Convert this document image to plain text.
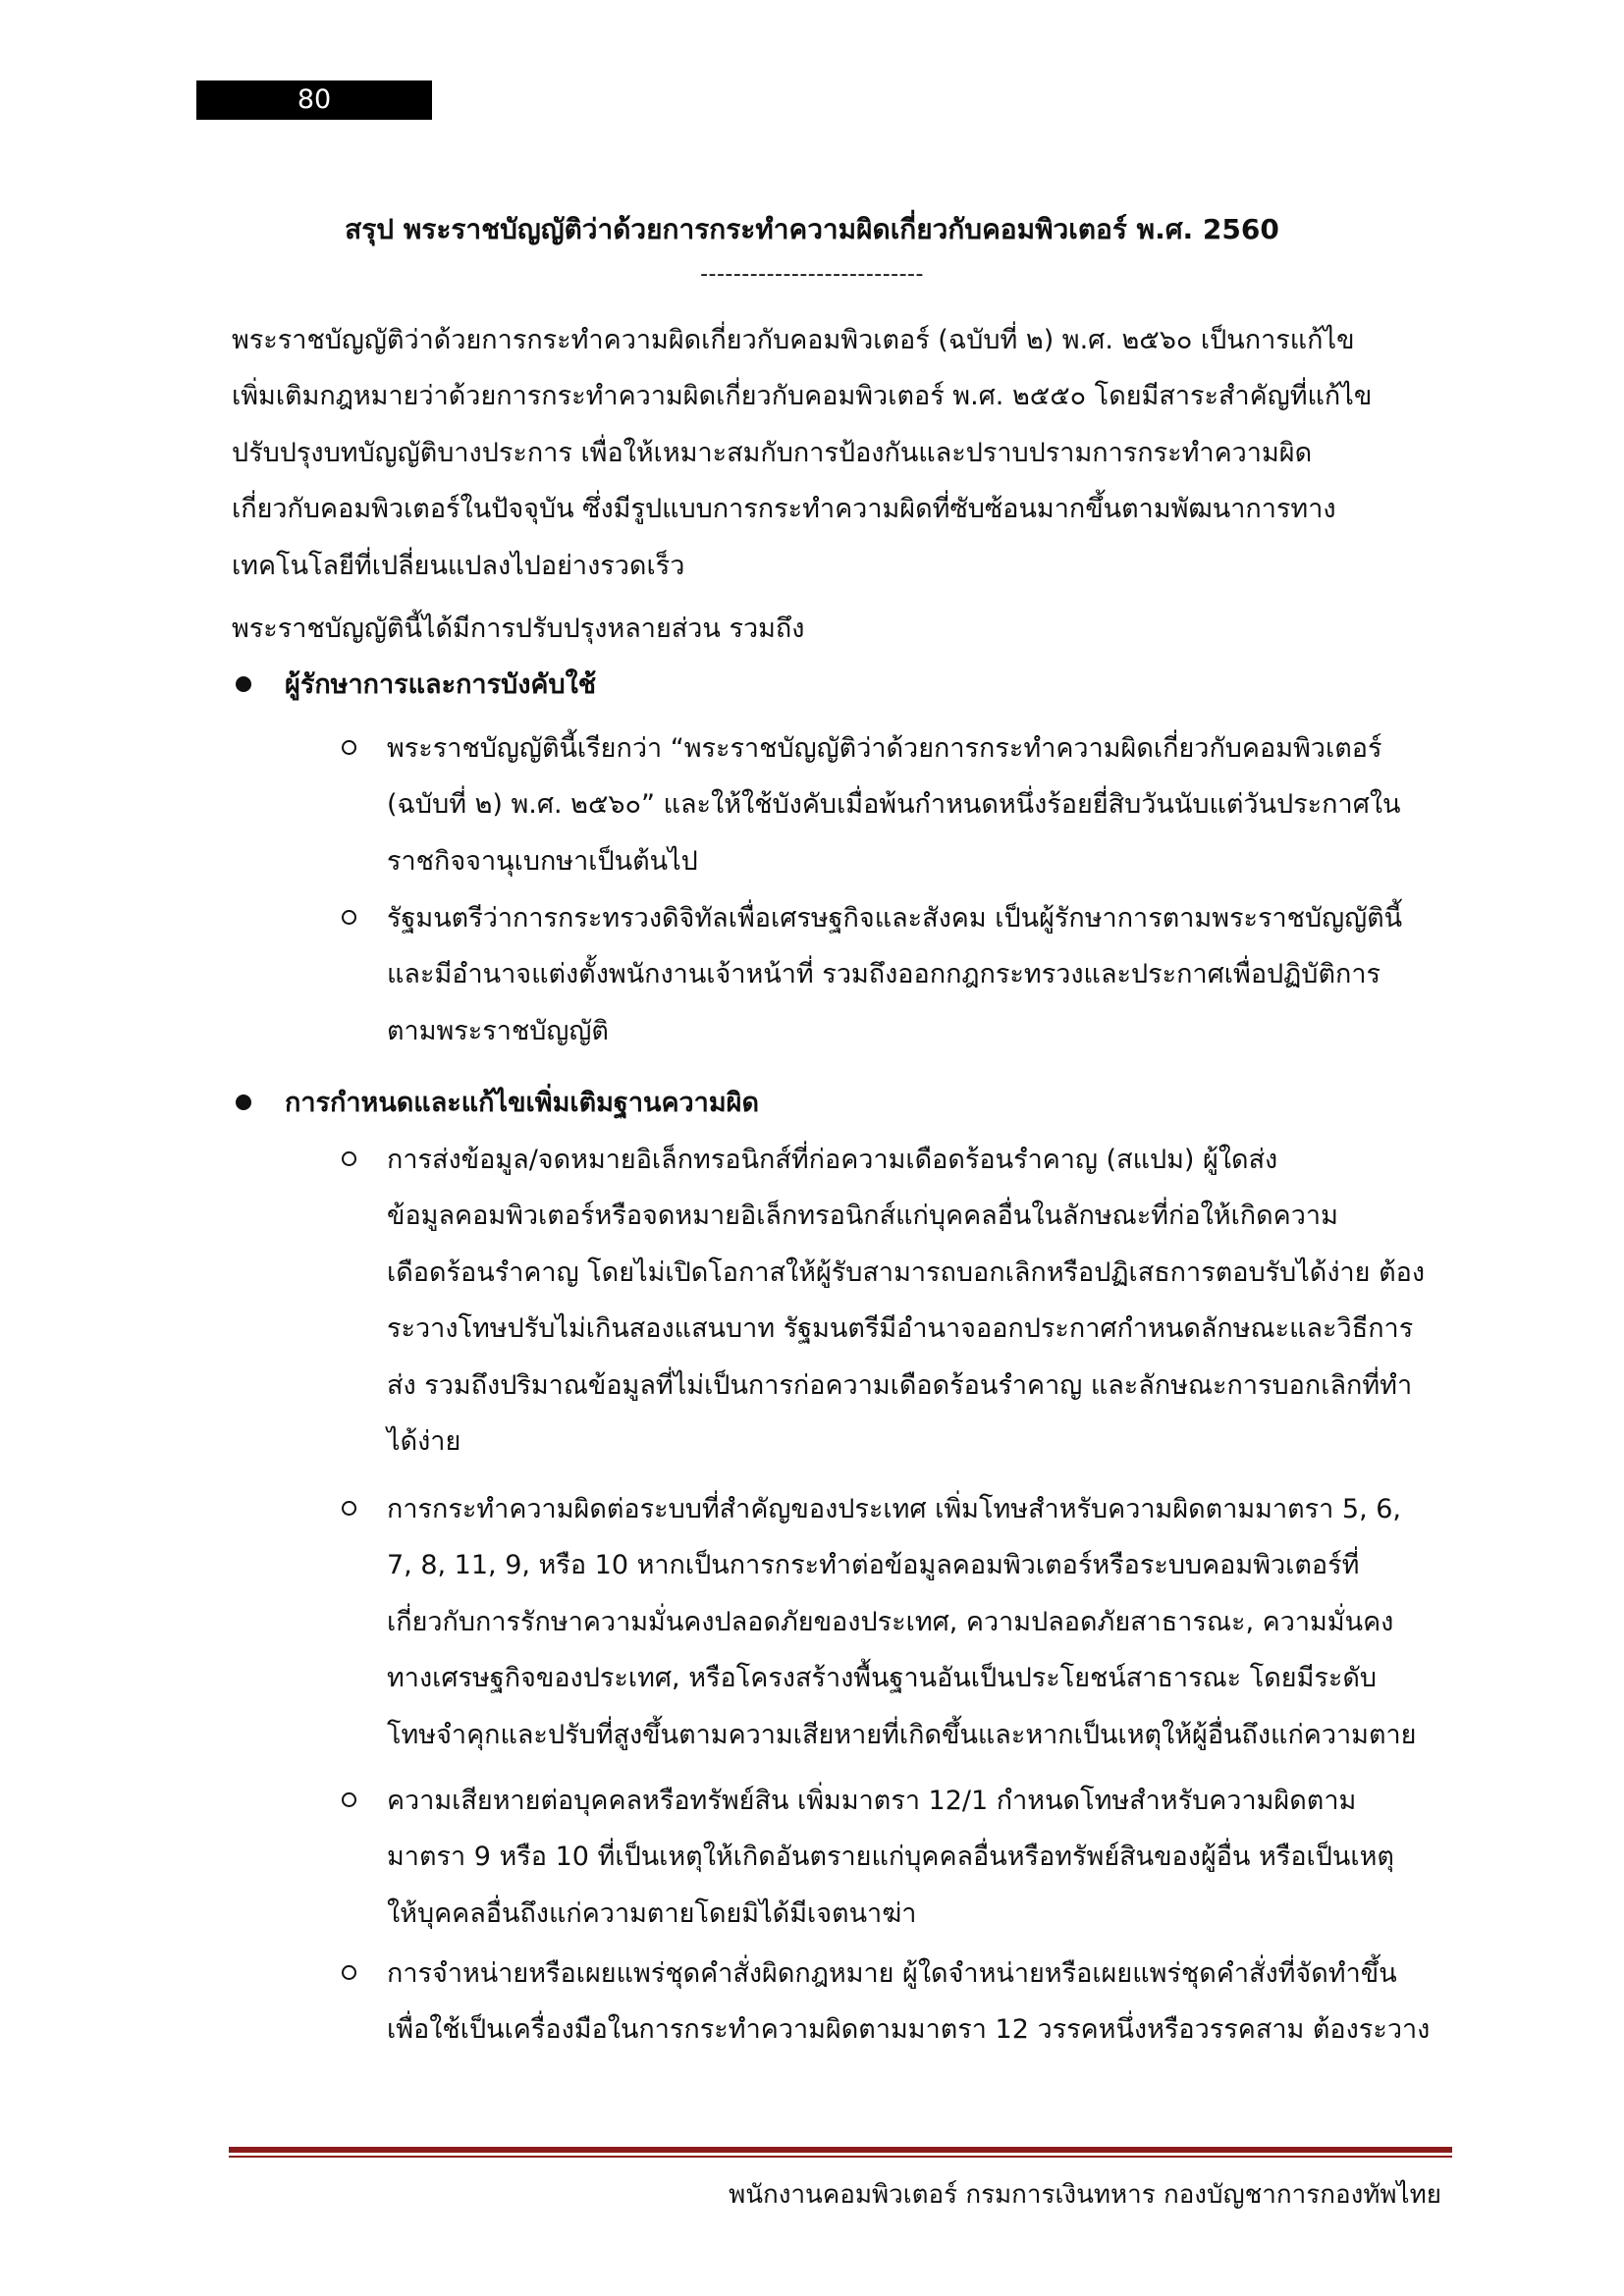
80
สรุป พระราชบัญญัติว่าด้วยการกระทำความผิดเกี่ยวกับคอมพิวเตอร์ พ.ศ. 2560
---------------------------
พระราชบัญญัติว่าด้วยการกระทำความผิดเกี่ยวกับคอมพิวเตอร์ (ฉบับที่ ๒) พ.ศ. ๒๕๖๐ เป็นการแก้ไข
เพิ่มเติมกฎหมายว่าด้วยการกระทำความผิดเกี่ยวกับคอมพิวเตอร์ พ.ศ. ๒๕๕๐ โดยมีสาระสำคัญที่แก้ไข
ปรับปรุงบทบัญญัติบางประการ เพื่อให้เหมาะสมกับการป้องกันและปราบปรามการกระทำความผิด
เกี่ยวกับคอมพิวเตอร์ในปัจจุบัน ซึ่งมีรูปแบบการกระทำความผิดที่ซับซ้อนมากขึ้นตามพัฒนาการทาง
เทคโนโลยีที่เปลี่ยนแปลงไปอย่างรวดเร็ว
พระราชบัญญัตินี้ได้มีการปรับปรุงหลายส่วน รวมถึง
ผู้รักษาการและการบังคับใช้
พระราชบัญญัตินี้เรียกว่า “พระราชบัญญัติว่าด้วยการกระทำความผิดเกี่ยวกับคอมพิวเตอร์
(ฉบับที่ ๒) พ.ศ. ๒๕๖๐” และให้ใช้บังคับเมื่อพ้นกำหนดหนึ่งร้อยยี่สิบวันนับแต่วันประกาศใน
ราชกิจจานุเบกษาเป็นต้นไป
รัฐมนตรีว่าการกระทรวงดิจิทัลเพื่อเศรษฐกิจและสังคม เป็นผู้รักษาการตามพระราชบัญญัตินี้
และมีอำนาจแต่งตั้งพนักงานเจ้าหน้าที่ รวมถึงออกกฎกระทรวงและประกาศเพื่อปฏิบัติการ
ตามพระราชบัญญัติ
การกำหนดและแก้ไขเพิ่มเติมฐานความผิด
การส่งข้อมูล/จดหมายอิเล็กทรอนิกส์ที่ก่อความเดือดร้อนรำคาญ (สแปม) ผู้ใดส่ง
ข้อมูลคอมพิวเตอร์หรือจดหมายอิเล็กทรอนิกส์แก่บุคคลอื่นในลักษณะที่ก่อให้เกิดความ
เดือดร้อนรำคาญ โดยไม่เปิดโอกาสให้ผู้รับสามารถบอกเลิกหรือปฏิเสธการตอบรับได้ง่าย ต้อง
ระวางโทษปรับไม่เกินสองแสนบาท รัฐมนตรีมีอำนาจออกประกาศกำหนดลักษณะและวิธีการ
ส่ง รวมถึงปริมาณข้อมูลที่ไม่เป็นการก่อความเดือดร้อนรำคาญ และลักษณะการบอกเลิกที่ทำ
ได้ง่าย
การกระทำความผิดต่อระบบที่สำคัญของประเทศ เพิ่มโทษสำหรับความผิดตามมาตรา 5, 6,
7, 8, 11, 9, หรือ 10 หากเป็นการกระทำต่อข้อมูลคอมพิวเตอร์หรือระบบคอมพิวเตอร์ที่
เกี่ยวกับการรักษาความมั่นคงปลอดภัยของประเทศ, ความปลอดภัยสาธารณะ, ความมั่นคง
ทางเศรษฐกิจของประเทศ, หรือโครงสร้างพื้นฐานอันเป็นประโยชน์สาธารณะ โดยมีระดับ
โทษจำคุกและปรับที่สูงขึ้นตามความเสียหายที่เกิดขึ้นและหากเป็นเหตุให้ผู้อื่นถึงแก่ความตาย
ความเสียหายต่อบุคคลหรือทรัพย์สิน เพิ่มมาตรา 12/1 กำหนดโทษสำหรับความผิดตาม
มาตรา 9 หรือ 10 ที่เป็นเหตุให้เกิดอันตรายแก่บุคคลอื่นหรือทรัพย์สินของผู้อื่น หรือเป็นเหตุ
ให้บุคคลอื่นถึงแก่ความตายโดยมิได้มีเจตนาฆ่า
การจำหน่ายหรือเผยแพร่ชุดคำสั่งผิดกฎหมาย ผู้ใดจำหน่ายหรือเผยแพร่ชุดคำสั่งที่จัดทำขึ้น
เพื่อใช้เป็นเครื่องมือในการกระทำความผิดตามมาตรา 12 วรรคหนึ่งหรือวรรคสาม ต้องระวาง
พนักงานคอมพิวเตอร์ กรมการเงินทหาร กองบัญชาการกองทัพไทย
